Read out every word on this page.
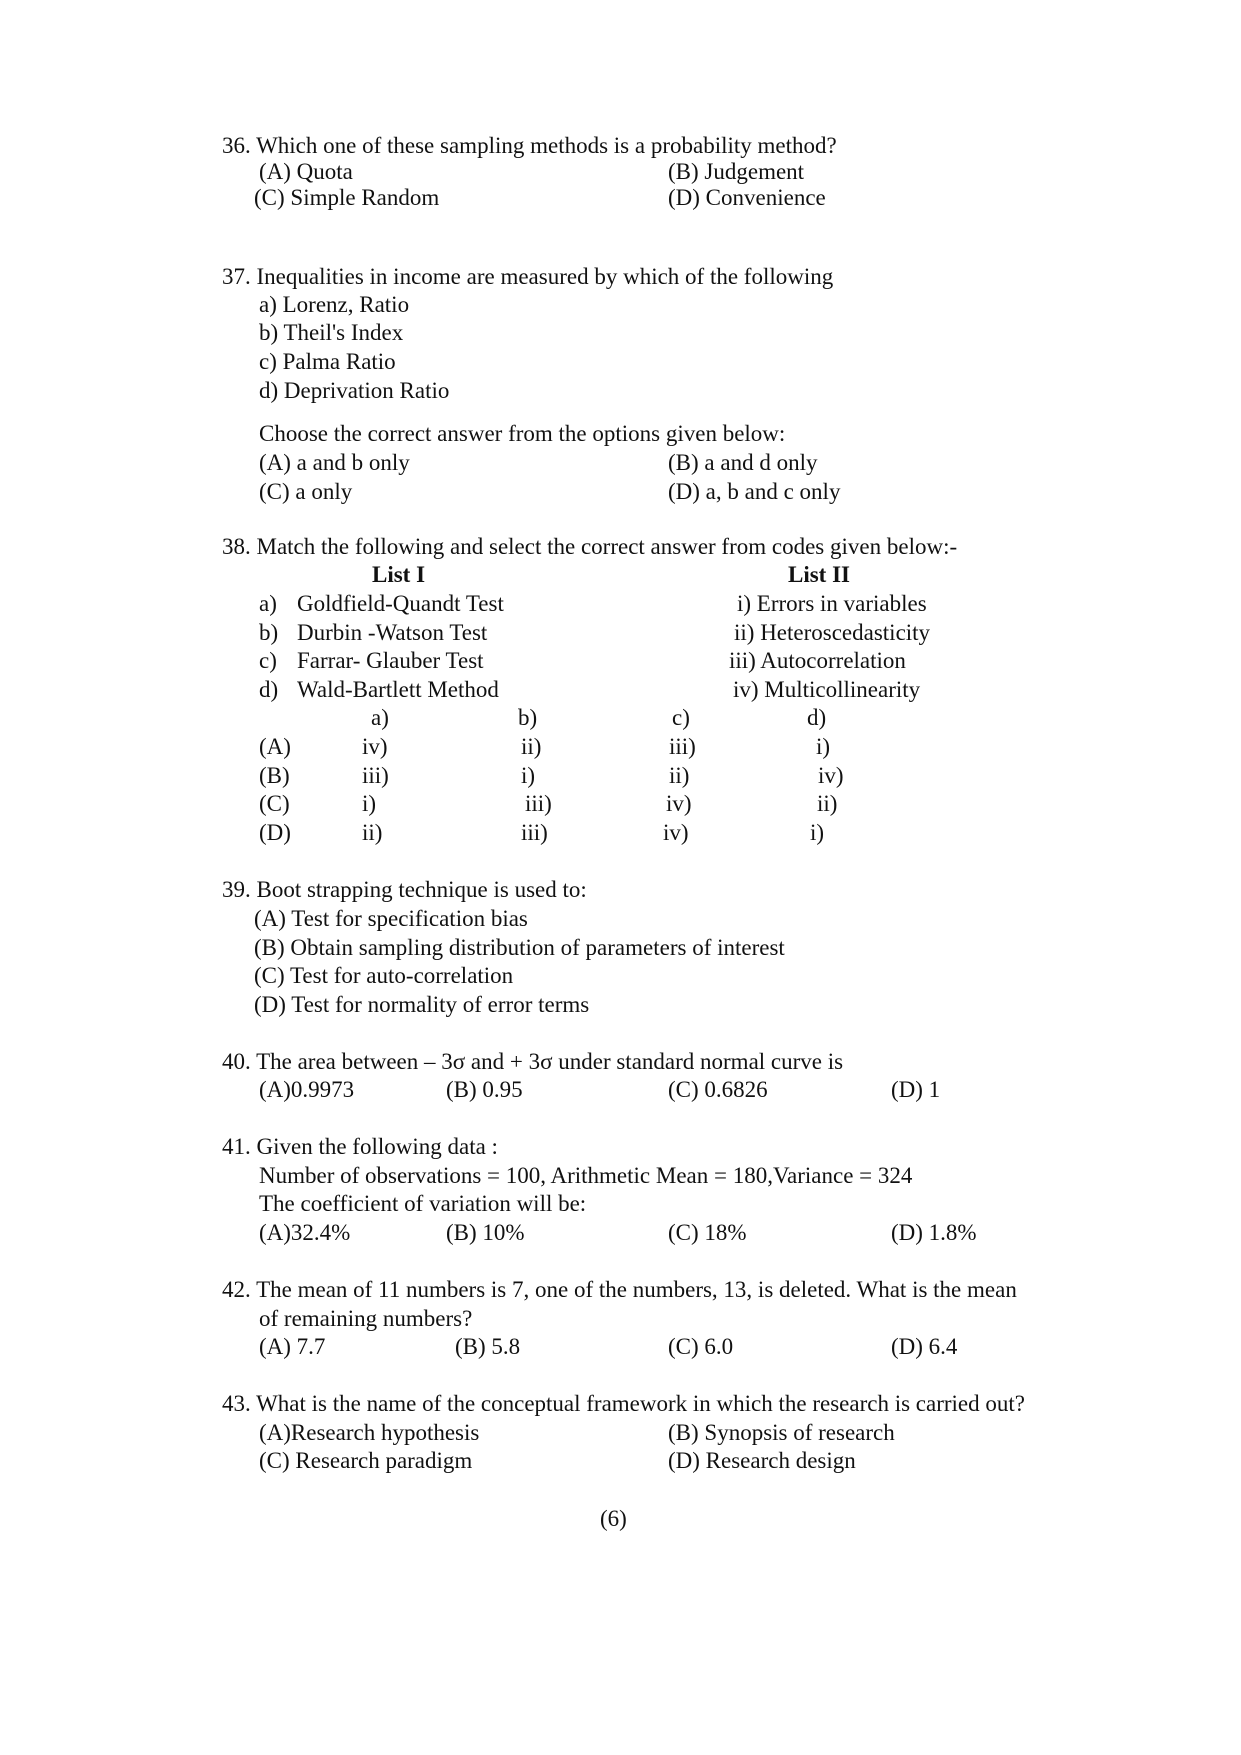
36. Which one of these sampling methods is a probability method?
(A) Quota	(B) Judgement
(C) Simple Random	(D) Convenience
37. Inequalities in income are measured by which of the following
a) Lorenz, Ratio
b) Theil's Index
c) Palma Ratio
d) Deprivation Ratio
Choose the correct answer from the options given below:
(A) a and b only	(B) a and d only
(C) a only	(D) a, b and c only
38. Match the following and select the correct answer from codes given below:-
List I	List II
a) Goldfield-Quandt Test	i) Errors in variables
b) Durbin -Watson Test	ii) Heteroscedasticity
c) Farrar- Glauber Test	iii) Autocorrelation
d) Wald-Bartlett Method	iv) Multicollinearity
a)	b)	c)	d)
(A)	iv)	ii)	iii)	i)
(B)	iii)	i)	ii)	iv)
(C)	i)	iii)	iv)	ii)
(D)	ii)	iii)	iv)	i)
39. Boot strapping technique is used to:
(A) Test for specification bias
(B) Obtain sampling distribution of parameters of interest
(C) Test for auto-correlation
(D) Test for normality of error terms
40. The area between – 3σ and + 3σ under standard normal curve is
(A)0.9973	(B) 0.95	(C) 0.6826	(D) 1
41. Given the following data :
Number of observations = 100, Arithmetic Mean = 180,Variance = 324
The coefficient of variation will be:
(A)32.4%	(B) 10%	(C) 18%	(D) 1.8%
42. The mean of 11 numbers is 7, one of the numbers, 13, is deleted. What is the mean
of remaining numbers?
(A) 7.7	(B) 5.8	(C) 6.0	(D) 6.4
43. What is the name of the conceptual framework in which the research is carried out?
(A)Research hypothesis	(B) Synopsis of research
(C) Research paradigm	(D) Research design
(6)
